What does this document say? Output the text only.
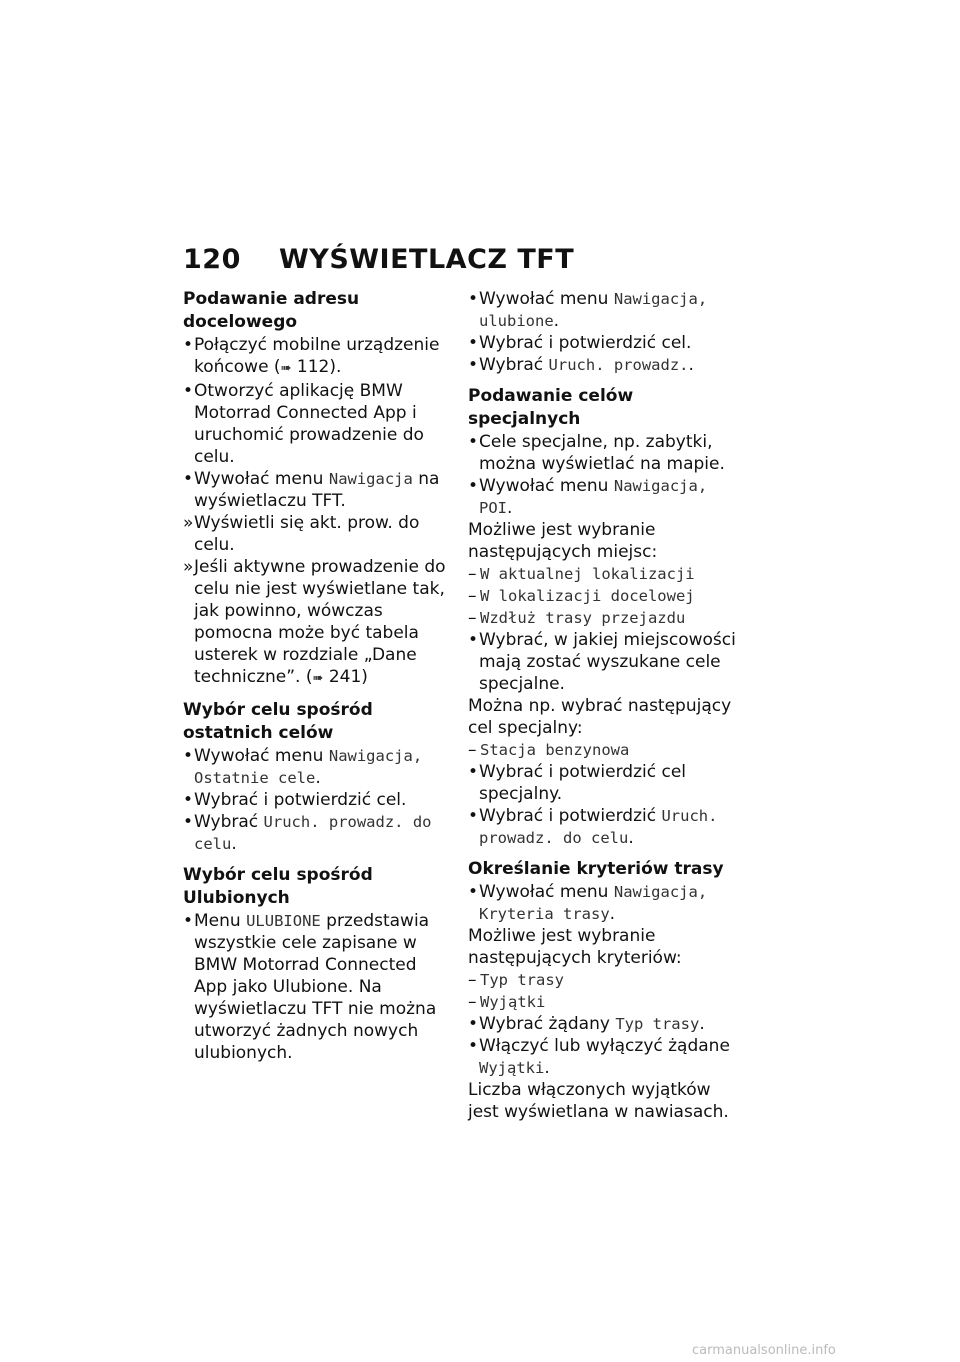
120 WYŚWIETLACZ TFT
Podawanie adresu docelowego
• Połączyć mobilne urządzenie końcowe (➠ 112).
• Otworzyć aplikację BMW Motorrad Connected App i uruchomić prowadzenie do celu.
• Wywołać menu Nawigacja na wyświetlaczu TFT.
» Wyświetli się akt. prow. do celu.
» Jeśli aktywne prowadzenie do celu nie jest wyświetlane tak, jak powinno, wówczas pomocna może być tabela usterek w rozdziale „Dane techniczne”. (➠ 241)
Wybór celu spośród ostatnich celów
• Wywołać menu Nawigacja, Ostatnie cele.
• Wybrać i potwierdzić cel.
• Wybrać Uruch. prowadz. do celu.
Wybór celu spośród Ulubionych
• Menu ULUBIONE przedstawia wszystkie cele zapisane w BMW Motorrad Connected App jako Ulubione. Na wyświetlaczu TFT nie można utworzyć żadnych nowych ulubionych.
• Wywołać menu Nawigacja, ulubione.
• Wybrać i potwierdzić cel.
• Wybrać Uruch. prowadz..
Podawanie celów specjalnych
• Cele specjalne, np. zabytki, można wyświetlać na mapie.
• Wywołać menu Nawigacja, POI.

Możliwe jest wybranie następujących miejsc:

– W aktualnej lokalizacji
– W lokalizacji docelowej
– Wzdłuż trasy przejazdu
• Wybrać, w jakiej miejscowości mają zostać wyszukane cele specjalne.

Można np. wybrać następujący cel specjalny:

– Stacja benzynowa
• Wybrać i potwierdzić cel specjalny.
• Wybrać i potwierdzić Uruch. prowadz. do celu.
Określanie kryteriów trasy
• Wywołać menu Nawigacja, Kryteria trasy.

Możliwe jest wybranie następujących kryteriów:

– Typ trasy
– Wyjątki
• Wybrać żądany Typ trasy.
• Włączyć lub wyłączyć żądane Wyjątki.

Liczba włączonych wyjątków jest wyświetlana w nawiasach.

carmanualsonline.info
